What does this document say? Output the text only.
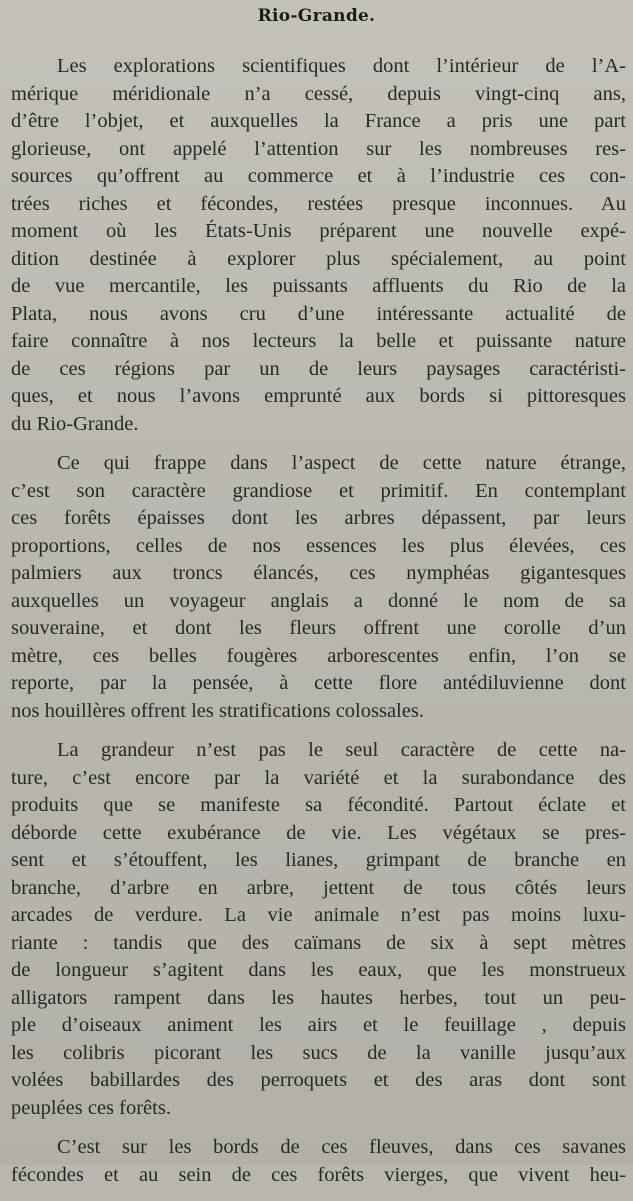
Rio-Grande.
Les explorations scientifiques dont l’intérieur de l’A-
mérique méridionale n’a cessé, depuis vingt-cinq ans,
d’être l’objet, et auxquelles la France a pris une part
glorieuse, ont appelé l’attention sur les nombreuses res-
sources qu’offrent au commerce et à l’industrie ces con-
trées riches et fécondes, restées presque inconnues. Au
moment où les États-Unis préparent une nouvelle expé-
dition destinée à explorer plus spécialement, au point
de vue mercantile, les puissants affluents du Rio de la
Plata, nous avons cru d’une intéressante actualité de
faire connaître à nos lecteurs la belle et puissante nature
de ces régions par un de leurs paysages caractéristi-
ques, et nous l’avons emprunté aux bords si pittoresques
du Rio-Grande.
Ce qui frappe dans l’aspect de cette nature étrange,
c’est son caractère grandiose et primitif. En contemplant
ces forêts épaisses dont les arbres dépassent, par leurs
proportions, celles de nos essences les plus élevées, ces
palmiers aux troncs élancés, ces nymphéas gigantesques
auxquelles un voyageur anglais a donné le nom de sa
souveraine, et dont les fleurs offrent une corolle d’un
mètre, ces belles fougères arborescentes enfin, l’on se
reporte, par la pensée, à cette flore antédiluvienne dont
nos houillères offrent les stratifications colossales.
La grandeur n’est pas le seul caractère de cette na-
ture, c’est encore par la variété et la surabondance des
produits que se manifeste sa fécondité. Partout éclate et
déborde cette exubérance de vie. Les végétaux se pres-
sent et s’étouffent, les lianes, grimpant de branche en
branche, d’arbre en arbre, jettent de tous côtés leurs
arcades de verdure. La vie animale n’est pas moins luxu-
riante : tandis que des caïmans de six à sept mètres
de longueur s’agitent dans les eaux, que les monstrueux
alligators rampent dans les hautes herbes, tout un peu-
ple d’oiseaux animent les airs et le feuillage , depuis
les colibris picorant les sucs de la vanille jusqu’aux
volées babillardes des perroquets et des aras dont sont
peuplées ces forêts.
C’est sur les bords de ces fleuves, dans ces savanes
fécondes et au sein de ces forêts vierges, que vivent heu-
